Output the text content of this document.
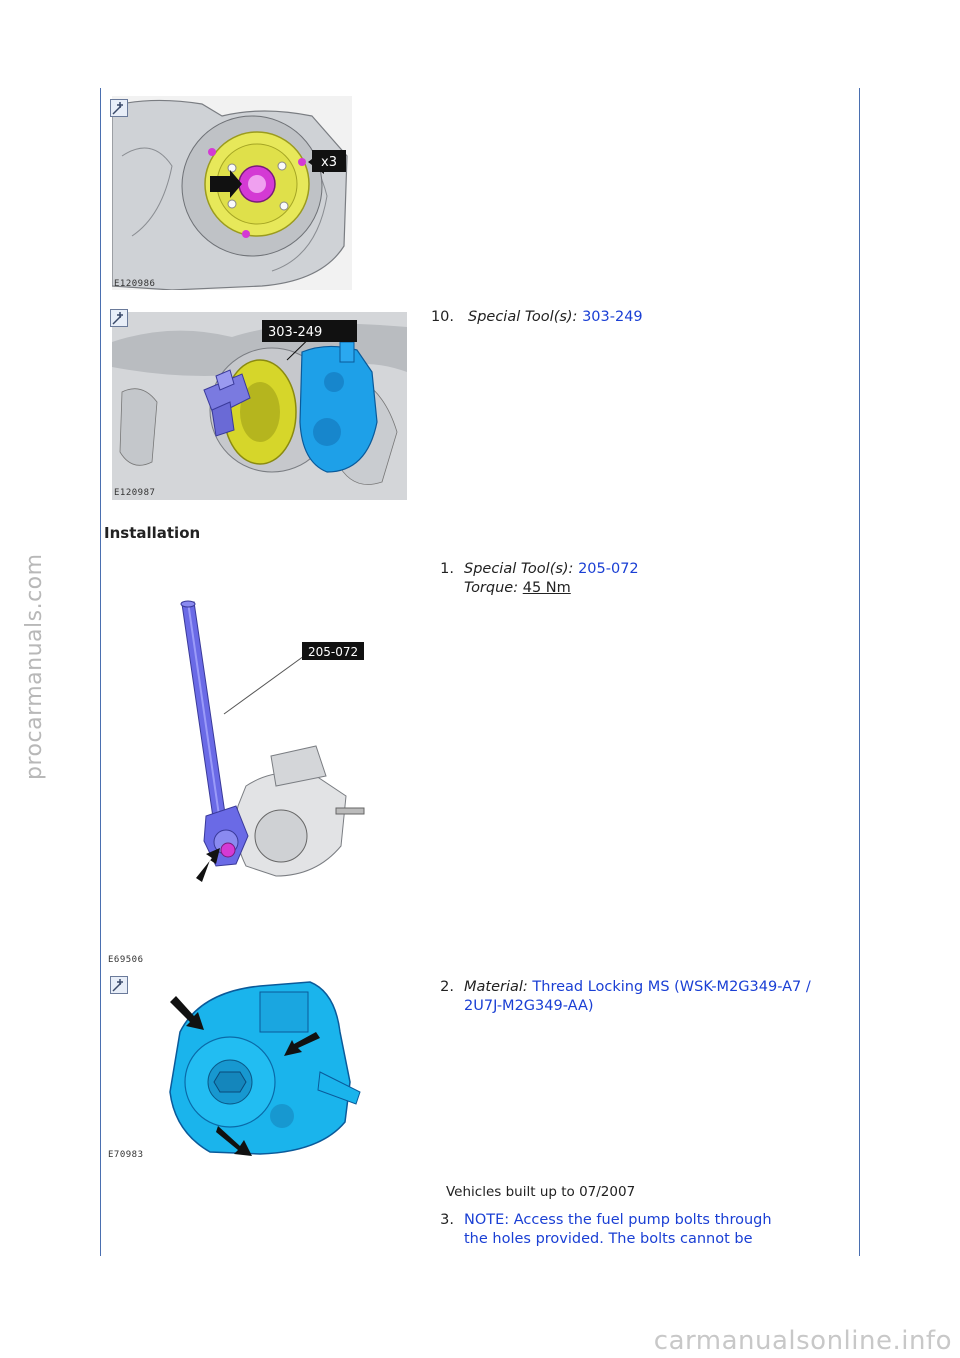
procarmanuals.com
carmanualsonline.info
x3
E120986
303-249
E120987
10. Special Tool(s): 303-249
Installation
1. Special Tool(s): 205-072
Torque: 45 Nm
205-072
E69506
2. Material: Thread Locking MS (WSK-M2G349-A7 /
2U7J-M2G349-AA)
E70983
Vehicles built up to 07/2007
3. NOTE: Access the fuel pump bolts through
the holes provided. The bolts cannot be
